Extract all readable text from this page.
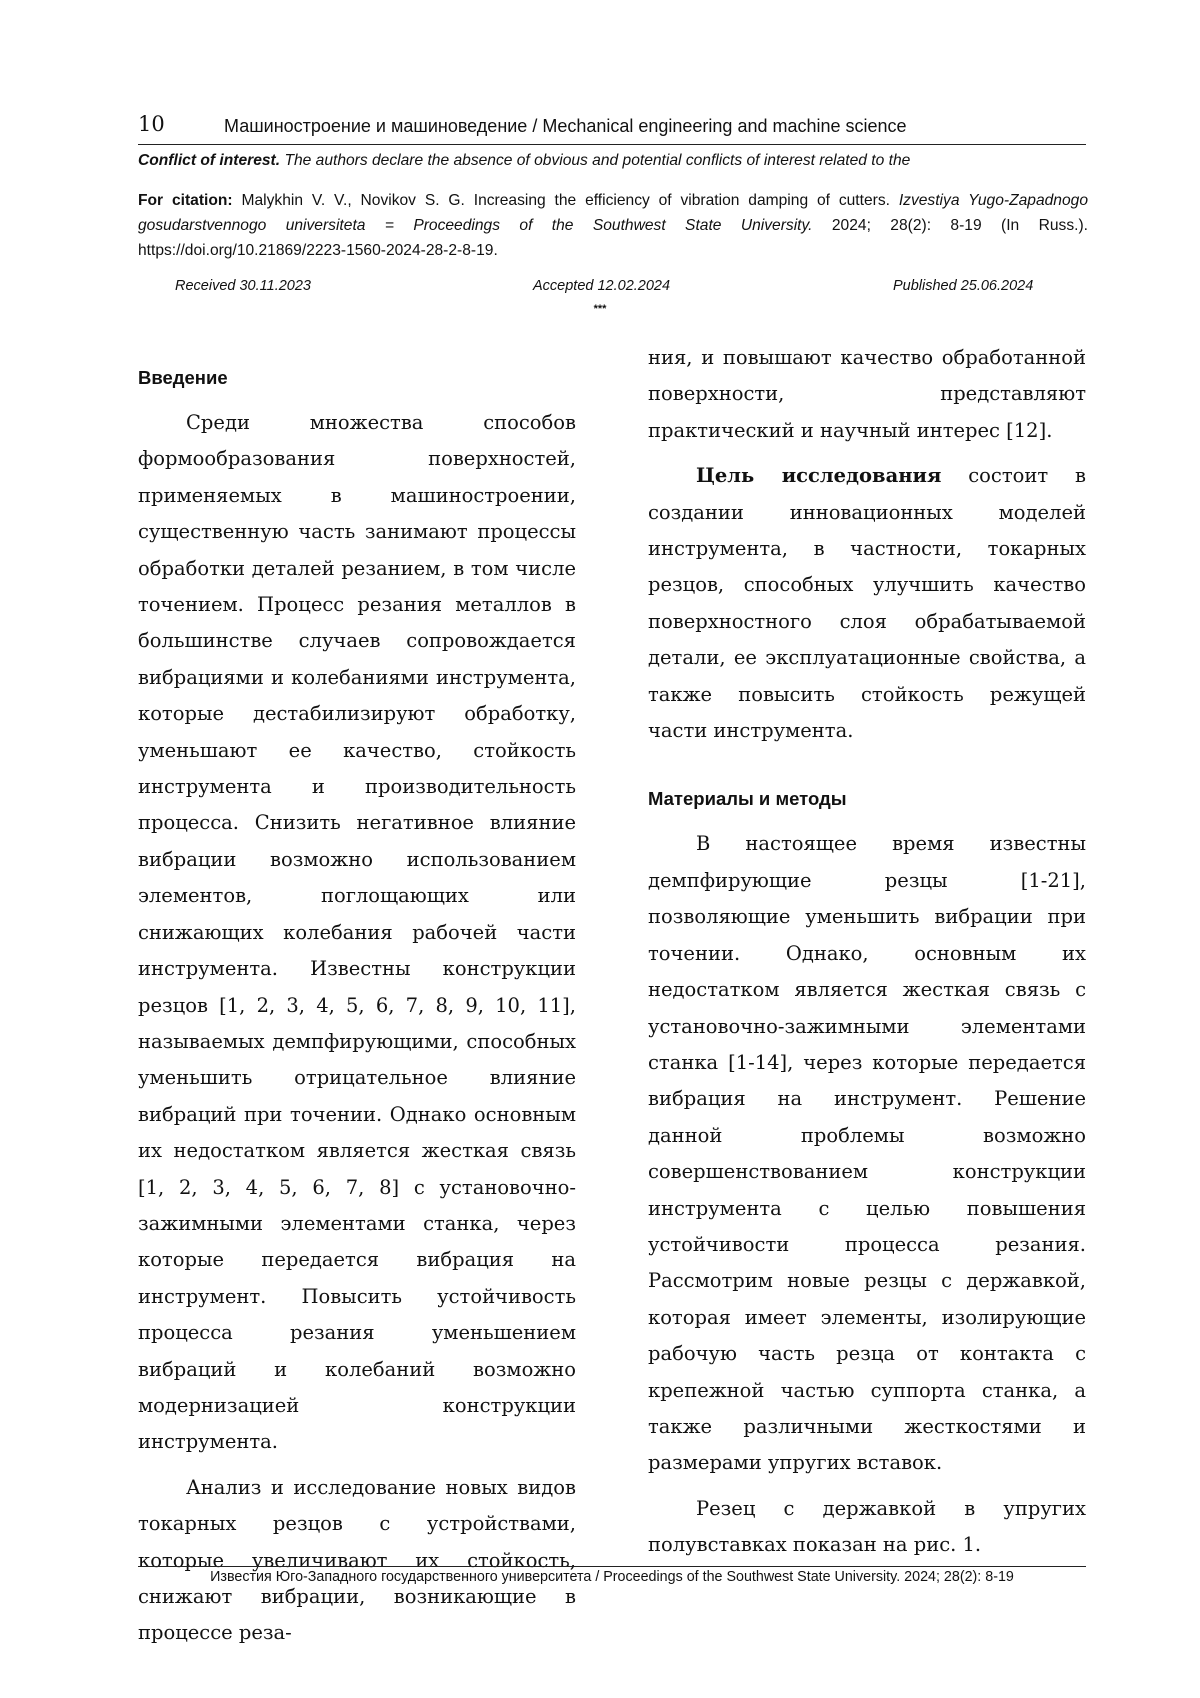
10	Машиностроение и машиноведение / Mechanical engineering and machine science
Conflict of interest. The authors declare the absence of obvious and potential conflicts of interest related to the
For citation: Malykhin V. V., Novikov S. G. Increasing the efficiency of vibration damping of cutters. Izvestiya Yugo-Zapadnogo gosudarstvennogo universiteta = Proceedings of the Southwest State University. 2024; 28(2): 8-19 (In Russ.). https://doi.org/10.21869/2223-1560-2024-28-2-8-19.
Received 30.11.2023	Accepted 12.02.2024	Published 25.06.2024
***

Введение

Среди множества способов формообразования поверхностей, применяемых в машиностроении, существенную часть занимают процессы обработки деталей резанием, в том числе точением. Процесс резания металлов в большинстве случаев сопровождается вибрациями и колебаниями инструмента, которые дестабилизируют обработку, уменьшают ее качество, стойкость инструмента и производительность процесса. Снизить негативное влияние вибрации возможно использованием элементов, поглощающих или снижающих колебания рабочей части инструмента. Известны конструкции резцов [1, 2, 3, 4, 5, 6, 7, 8, 9, 10, 11], называемых демпфирующими, способных уменьшить отрицательное влияние вибраций при точении. Однако основным их недостатком является жесткая связь [1, 2, 3, 4, 5, 6, 7, 8] с установочно-зажимными элементами станка, через которые передается вибрация на инструмент. Повысить устойчивость процесса резания уменьшением вибраций и колебаний возможно модернизацией конструкции инструмента.

Анализ и исследование новых видов токарных резцов с устройствами, которые увеличивают их стойкость, снижают вибрации, возникающие в процессе реза-

ния, и повышают качество обработанной поверхности, представляют практический и научный интерес [12].

Цель исследования состоит в создании инновационных моделей инструмента, в частности, токарных резцов, способных улучшить качество поверхностного слоя обрабатываемой детали, ее эксплуатационные свойства, а также повысить стойкость режущей части инструмента.

Материалы и методы

В настоящее время известны демпфирующие резцы [1-21], позволяющие уменьшить вибрации при точении. Однако, основным их недостатком является жесткая связь с установочно-зажимными элементами станка [1-14], через которые передается вибрация на инструмент. Решение данной проблемы возможно совершенствованием конструкции инструмента с целью повышения устойчивости процесса резания. Рассмотрим новые резцы с державкой, которая имеет элементы, изолирующие рабочую часть резца от контакта с крепежной частью суппорта станка, а также различными жесткостями и размерами упругих вставок.

Резец с державкой в упругих полувставках показан на рис. 1.

Известия Юго-Западного государственного университета / Proceedings of the Southwest State University. 2024; 28(2): 8-19
